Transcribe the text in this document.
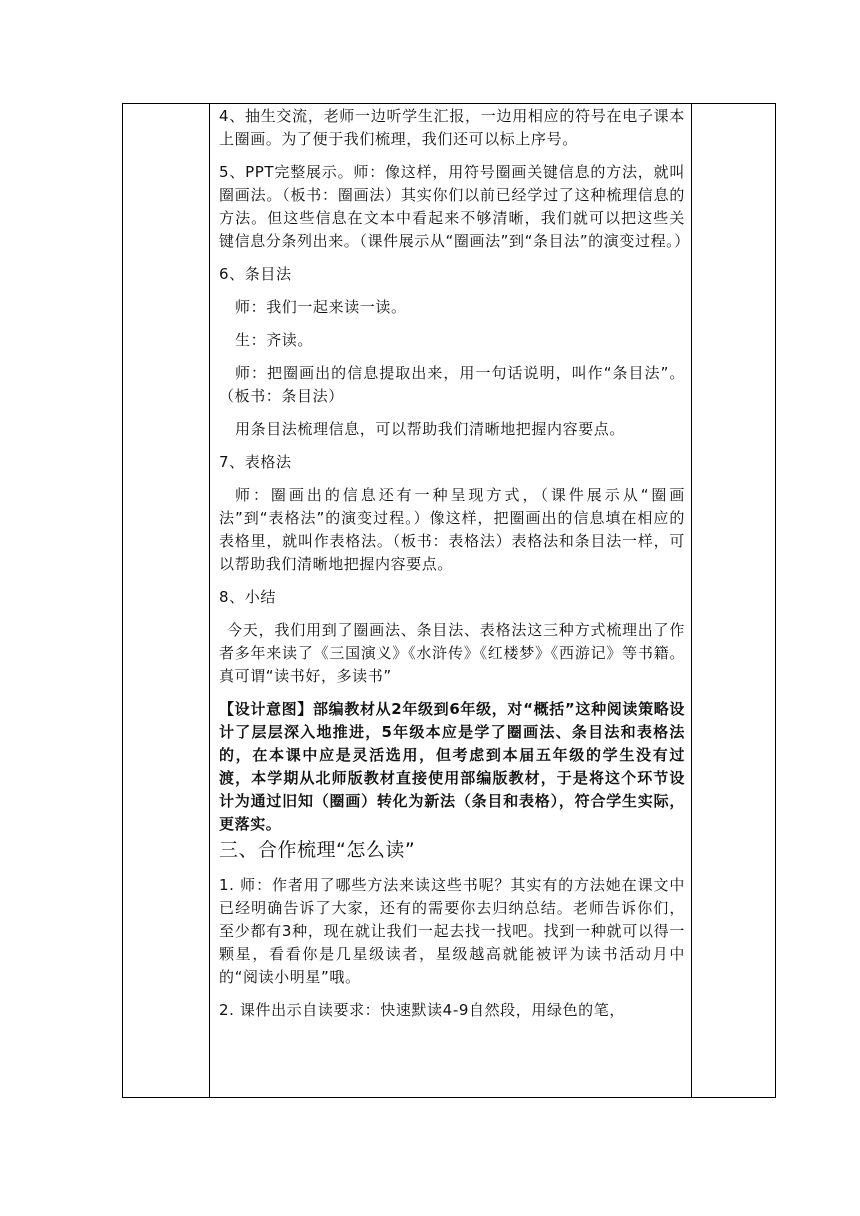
4、抽生交流，老师一边听学生汇报，一边用相应的符号在电子课本上圈画。为了便于我们梳理，我们还可以标上序号。

5、PPT完整展示。师：像这样，用符号圈画关键信息的方法，就叫圈画法。（板书：圈画法）其实你们以前已经学过了这种梳理信息的方法。但这些信息在文本中看起来不够清晰，我们就可以把这些关键信息分条列出来。（课件展示从“圈画法”到“条目法”的演变过程。）

6、条目法

师：我们一起来读一读。

生：齐读。

师：把圈画出的信息提取出来，用一句话说明，叫作“条目法”。（板书：条目法）

用条目法梳理信息，可以帮助我们清晰地把握内容要点。

7、表格法

师：圈画出的信息还有一种呈现方式，（课件展示从“圈画法”到“表格法”的演变过程。）像这样，把圈画出的信息填在相应的表格里，就叫作表格法。（板书：表格法）表格法和条目法一样，可以帮助我们清晰地把握内容要点。

8、小结

今天，我们用到了圈画法、条目法、表格法这三种方式梳理出了作者多年来读了《三国演义》《水浒传》《红楼梦》《西游记》等书籍。真可谓“读书好，多读书”

【设计意图】部编教材从2年级到6年级，对“概括”这种阅读策略设计了层层深入地推进，5年级本应是学了圈画法、条目法和表格法的，在本课中应是灵活选用，但考虑到本届五年级的学生没有过渡，本学期从北师版教材直接使用部编版教材，于是将这个环节设计为通过旧知（圈画）转化为新法（条目和表格），符合学生实际，更落实。

三、合作梳理“怎么读”

1. 师：作者用了哪些方法来读这些书呢？其实有的方法她在课文中已经明确告诉了大家，还有的需要你去归纳总结。老师告诉你们，至少都有3种，现在就让我们一起去找一找吧。找到一种就可以得一颗星，看看你是几星级读者，星级越高就能被评为读书活动月中的“阅读小明星”哦。

2. 课件出示自读要求：快速默读4-9自然段，用绿色的笔，
